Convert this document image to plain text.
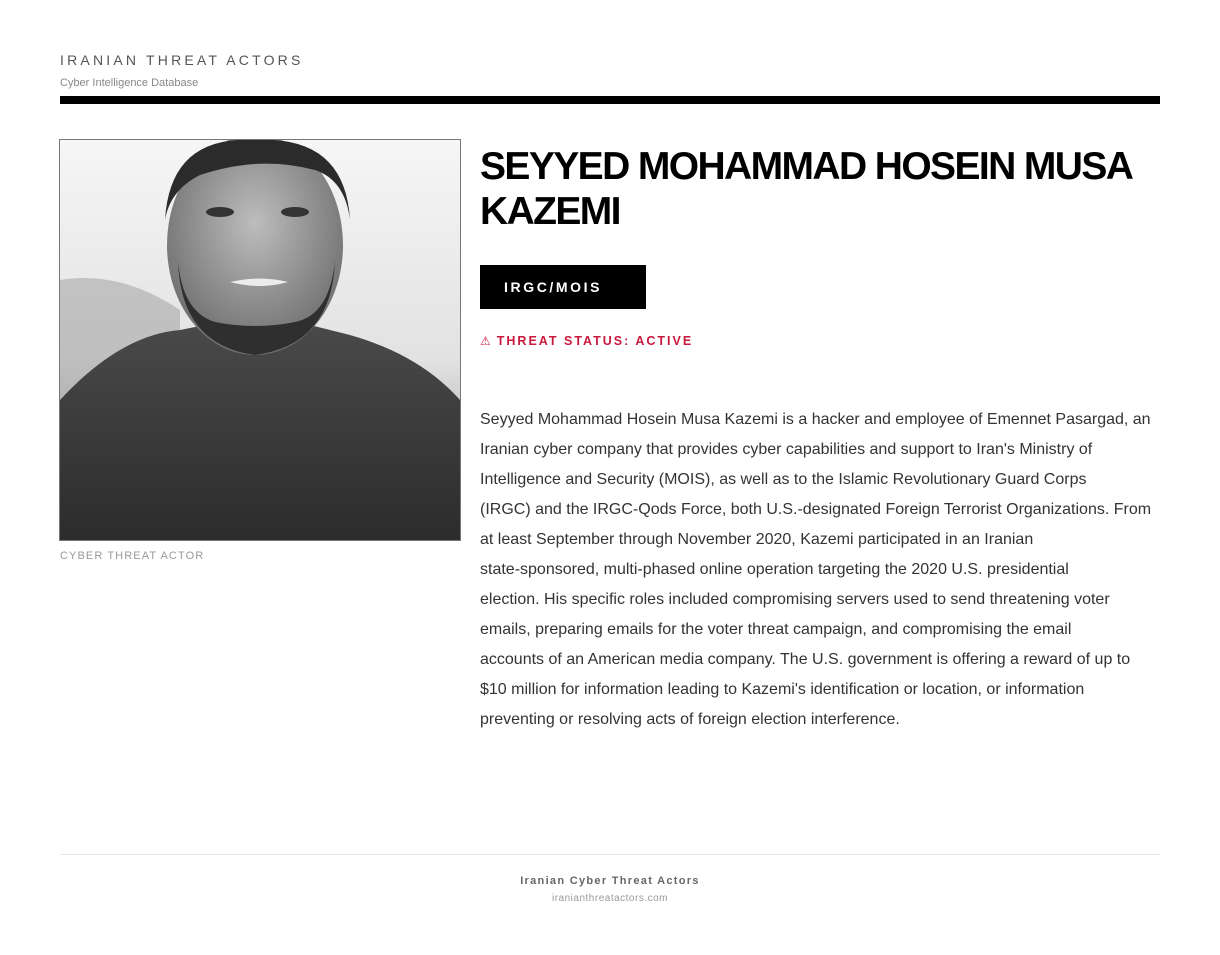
IRANIAN THREAT ACTORS
Cyber Intelligence Database
CYBER THREAT ACTOR
SEYYED MOHAMMAD HOSEIN MUSA KAZEMI
IRGC/MOIS
⚠ THREAT STATUS: ACTIVE

Seyyed Mohammad Hosein Musa Kazemi is a hacker and employee of Emennet Pasargad, an
Iranian cyber company that provides cyber capabilities and support to Iran's Ministry of
Intelligence and Security (MOIS), as well as to the Islamic Revolutionary Guard Corps
(IRGC) and the IRGC-Qods Force, both U.S.-designated Foreign Terrorist Organizations. From
at least September through November 2020, Kazemi participated in an Iranian
state-sponsored, multi-phased online operation targeting the 2020 U.S. presidential
election. His specific roles included compromising servers used to send threatening voter
emails, preparing emails for the voter threat campaign, and compromising the email
accounts of an American media company. The U.S. government is offering a reward of up to
$10 million for information leading to Kazemi's identification or location, or information
preventing or resolving acts of foreign election interference.

Iranian Cyber Threat Actors
iranianthreatactors.com
